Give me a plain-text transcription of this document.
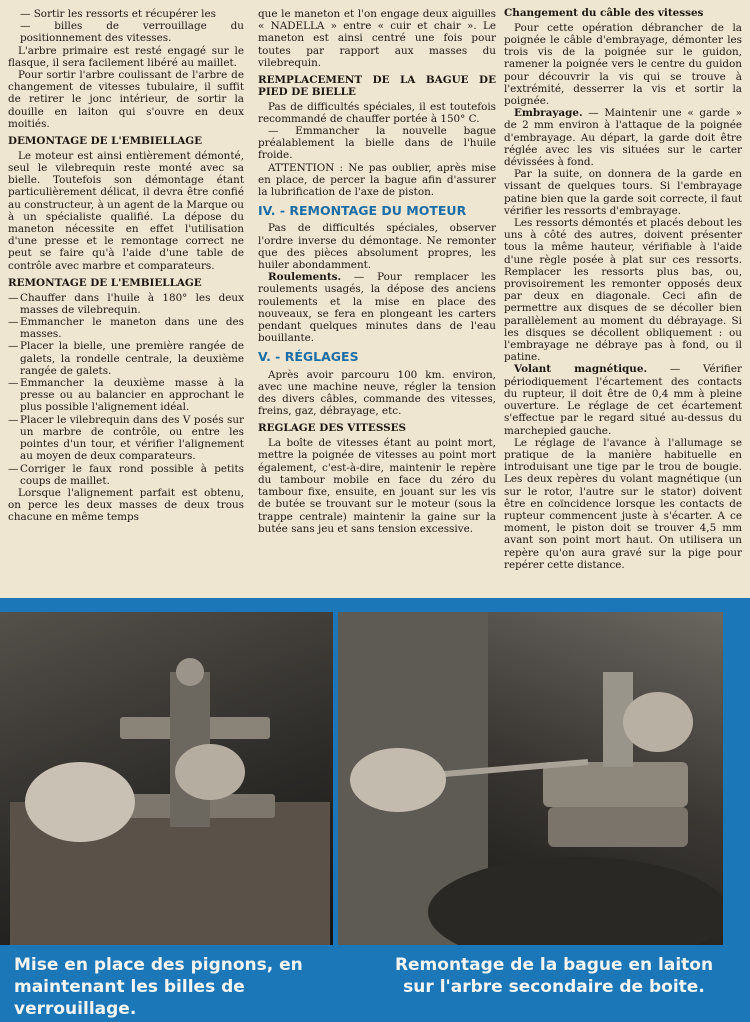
— Sortir les ressorts et récupérer les

— billes de verrouillage du positionnement des vitesses.

L'arbre primaire est resté engagé sur le flasque, il sera facilement libéré au maillet.

Pour sortir l'arbre coulissant de l'arbre de changement de vitesses tubulaire, il suffit de retirer le jonc intérieur, de sortir la douille en laiton qui s'ouvre en deux moitiés.

DEMONTAGE DE L'EMBIELLAGE

Le moteur est ainsi entièrement démonté, seul le vilebrequin reste monté avec sa bielle. Toutefois son démontage étant particulièrement délicat, il devra être confié au constructeur, à un agent de la Marque ou à un spécialiste qualifié. La dépose du maneton nécessite en effet l'utilisation d'une presse et le remontage correct ne peut se faire qu'à l'aide d'une table de contrôle avec marbre et comparateurs.

REMONTAGE DE L'EMBIELLAGE

— Chauffer dans l'huile à 180° les deux masses de vilebrequin.

— Emmancher le maneton dans une des masses.

— Placer la bielle, une première rangée de galets, la rondelle centrale, la deuxième rangée de galets.

— Emmancher la deuxième masse à la presse ou au balancier en approchant le plus possible l'alignement idéal.

— Placer le vilebrequin dans des V posés sur un marbre de contrôle, ou entre les pointes d'un tour, et vérifier l'alignement au moyen de deux comparateurs.

— Corriger le faux rond possible à petits coups de maillet.

Lorsque l'alignement parfait est obtenu, on perce les deux masses de deux trous chacune en même temps

que le maneton et l'on engage deux aiguilles « NADELLA » entre « cuir et chair ». Le maneton est ainsi centré une fois pour toutes par rapport aux masses du vilebrequin.

REMPLACEMENT DE LA BAGUE DE PIED DE BIELLE

Pas de difficultés spéciales, il est toutefois recommandé de chauffer portée à 150° C.

— Emmancher la nouvelle bague préalablement la bielle dans de l'huile froide.

ATTENTION : Ne pas oublier, après mise en place, de percer la bague afin d'assurer la lubrification de l'axe de piston.

IV. - REMONTAGE DU MOTEUR

Pas de difficultés spéciales, observer l'ordre inverse du démontage. Ne remonter que des pièces absolument propres, les huiler abondamment.

Roulements. — Pour remplacer les roulements usagés, la dépose des anciens roulements et la mise en place des nouveaux, se fera en plongeant les carters pendant quelques minutes dans de l'eau bouillante.

V. - RÉGLAGES

Après avoir parcouru 100 km. environ, avec une machine neuve, régler la tension des divers câbles, commande des vitesses, freins, gaz, débrayage, etc.

REGLAGE DES VITESSES

La boîte de vitesses étant au point mort, mettre la poignée de vitesses au point mort également, c'est-à-dire, maintenir le repère du tambour mobile en face du zéro du tambour fixe, ensuite, en jouant sur les vis de butée se trouvant sur le moteur (sous la trappe centrale) maintenir la gaine sur la butée sans jeu et sans tension excessive.

Changement du câble des vitesses

Pour cette opération débrancher de la poignée le câble d'embrayage, démonter les trois vis de la poignée sur le guidon, ramener la poignée vers le centre du guidon pour découvrir la vis qui se trouve à l'extrémité, desserrer la vis et sortir la poignée.

Embrayage. — Maintenir une « garde » de 2 mm environ à l'attaque de la poignée d'embrayage. Au départ, la garde doit être réglée avec les vis situées sur le carter dévissées à fond.

Par la suite, on donnera de la garde en vissant de quelques tours. Si l'embrayage patine bien que la garde soit correcte, il faut vérifier les ressorts d'embrayage.

Les ressorts démontés et placés debout les uns à côté des autres, doivent présenter tous la même hauteur, vérifiable à l'aide d'une règle posée à plat sur ces ressorts. Remplacer les ressorts plus bas, ou, provisoirement les remonter opposés deux par deux en diagonale. Ceci afin de permettre aux disques de se décoller bien parallèlement au moment du débrayage. Si les disques se décollent obliquement : ou l'embrayage ne débraye pas à fond, ou il patine.

Volant magnétique. — Vérifier périodiquement l'écartement des contacts du rupteur, il doit être de 0,4 mm à pleine ouverture. Le réglage de cet écartement s'effectue par le regard situé au-dessus du marchepied gauche.

Le réglage de l'avance à l'allumage se pratique de la manière habituelle en introduisant une tige par le trou de bougie. Les deux repères du volant magnétique (un sur le rotor, l'autre sur le stator) doivent être en coïncidence lorsque les contacts de rupteur commencent juste à s'écarter. A ce moment, le piston doit se trouver 4,5 mm avant son point mort haut. On utilisera un repère qu'on aura gravé sur la pige pour repérer cette distance.

Mise en place des pignons, en maintenant les billes de verrouillage.
Remontage de la bague en laiton sur l'arbre secondaire de boite.
